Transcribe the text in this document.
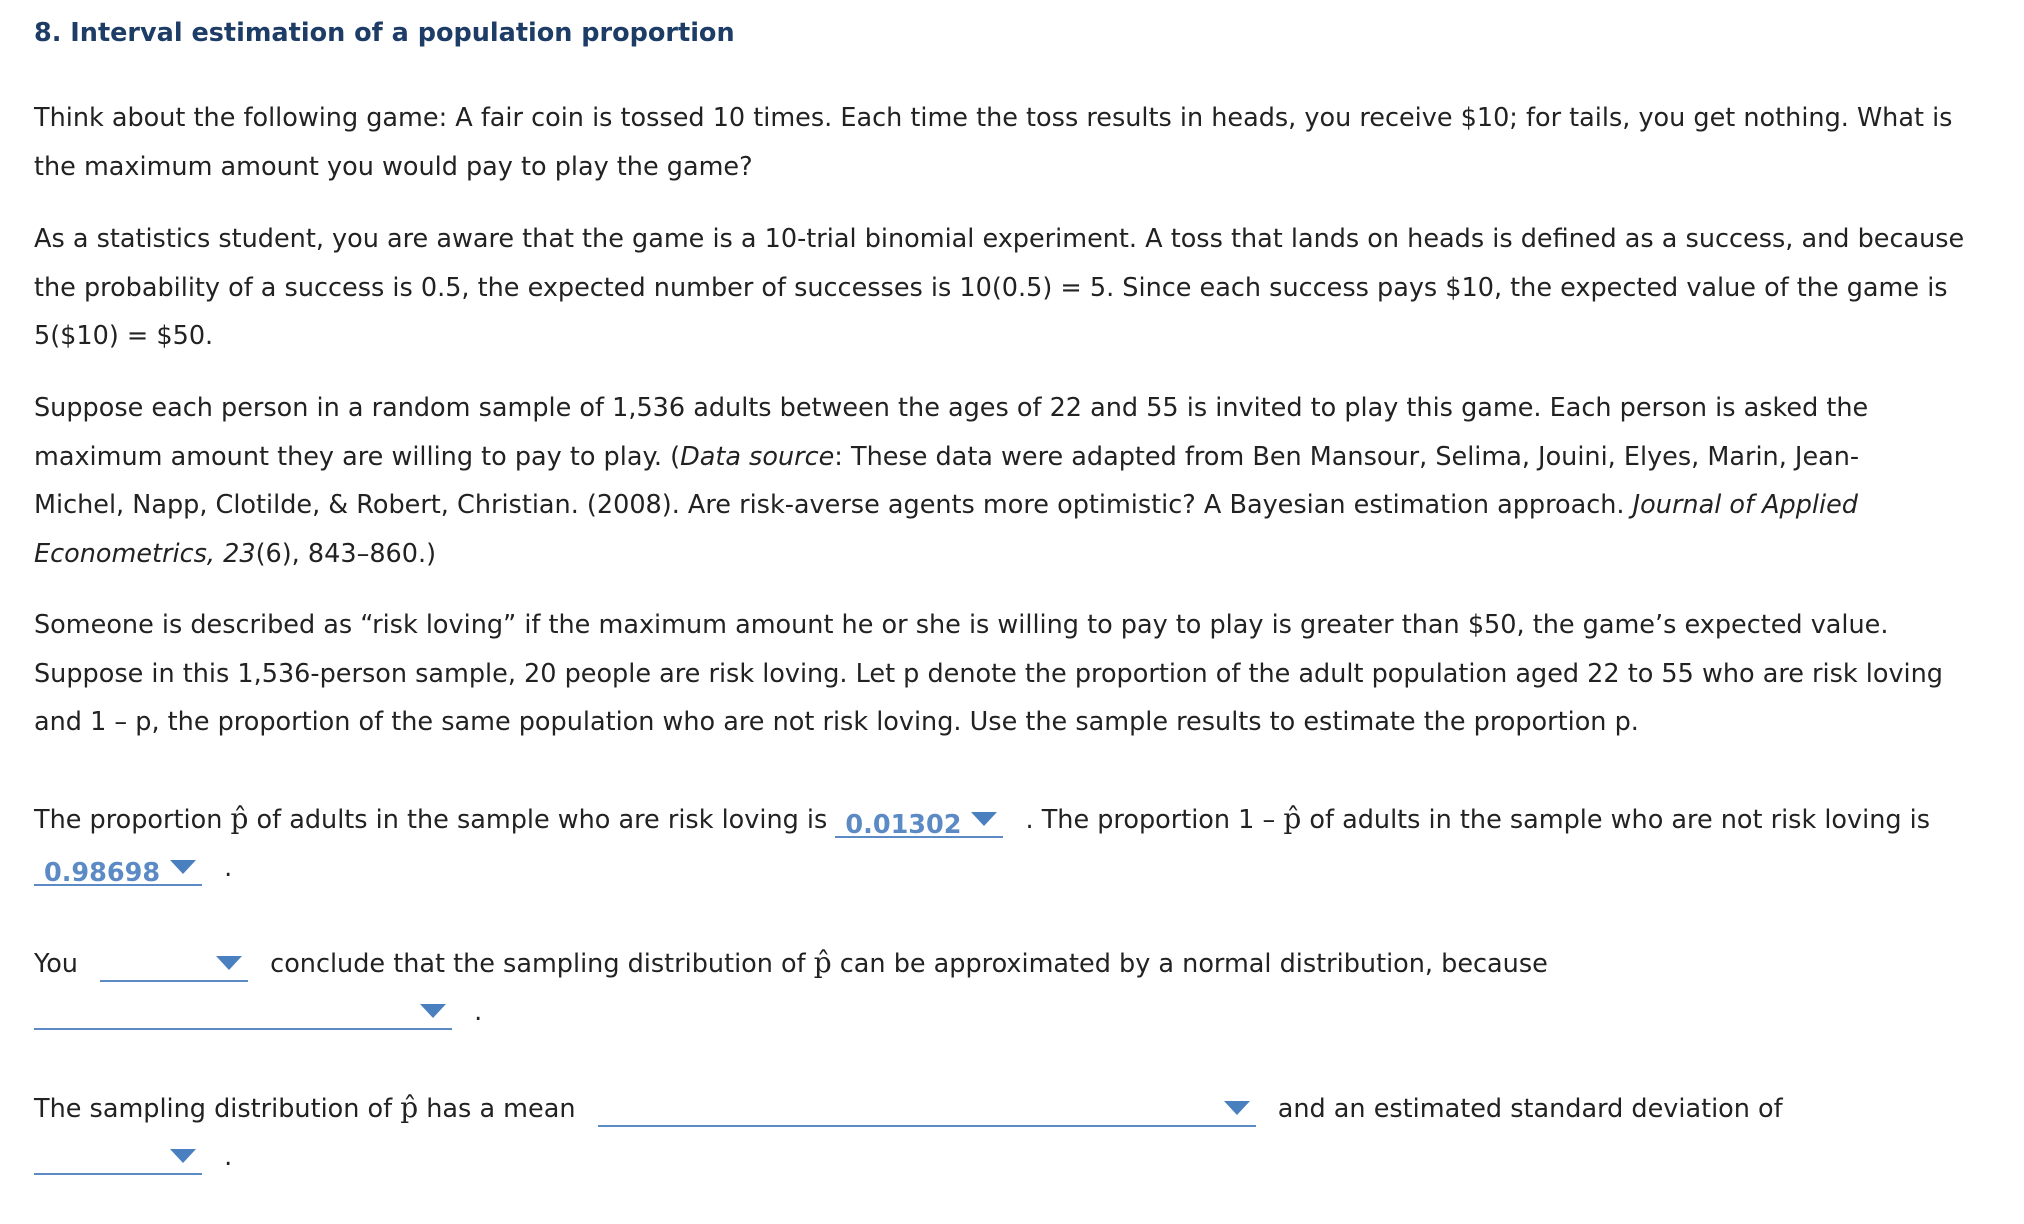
8. Interval estimation of a population proportion

Think about the following game: A fair coin is tossed 10 times. Each time the toss results in heads, you receive $10; for tails, you get nothing. What is

the maximum amount you would pay to play the game?

As a statistics student, you are aware that the game is a 10-trial binomial experiment. A toss that lands on heads is defined as a success, and because

the probability of a success is 0.5, the expected number of successes is 10(0.5) = 5. Since each success pays $10, the expected value of the game is

5($10) = $50.

Suppose each person in a random sample of 1,536 adults between the ages of 22 and 55 is invited to play this game. Each person is asked the

maximum amount they are willing to pay to play. (Data source: These data were adapted from Ben Mansour, Selima, Jouini, Elyes, Marin, Jean-

Michel, Napp, Clotilde, & Robert, Christian. (2008). Are risk-averse agents more optimistic? A Bayesian estimation approach. Journal of Applied

Econometrics, 23(6), 843–860.)

Someone is described as “risk loving” if the maximum amount he or she is willing to pay to play is greater than $50, the game’s expected value.

Suppose in this 1,536-person sample, 20 people are risk loving. Let p denote the proportion of the adult population aged 22 to 55 who are risk loving

and 1 – p, the proportion of the same population who are not risk loving. Use the sample results to estimate the proportion p.

The proportion p̂ of adults in the sample who are risk loving is 0.01302	. The proportion 1 – p̂ of adults in the sample who are not risk loving is
0.98698	.
You	conclude that the sampling distribution of p̂ can be approximated by a normal distribution, because
.
The sampling distribution of p̂ has a mean	and an estimated standard deviation of
.
